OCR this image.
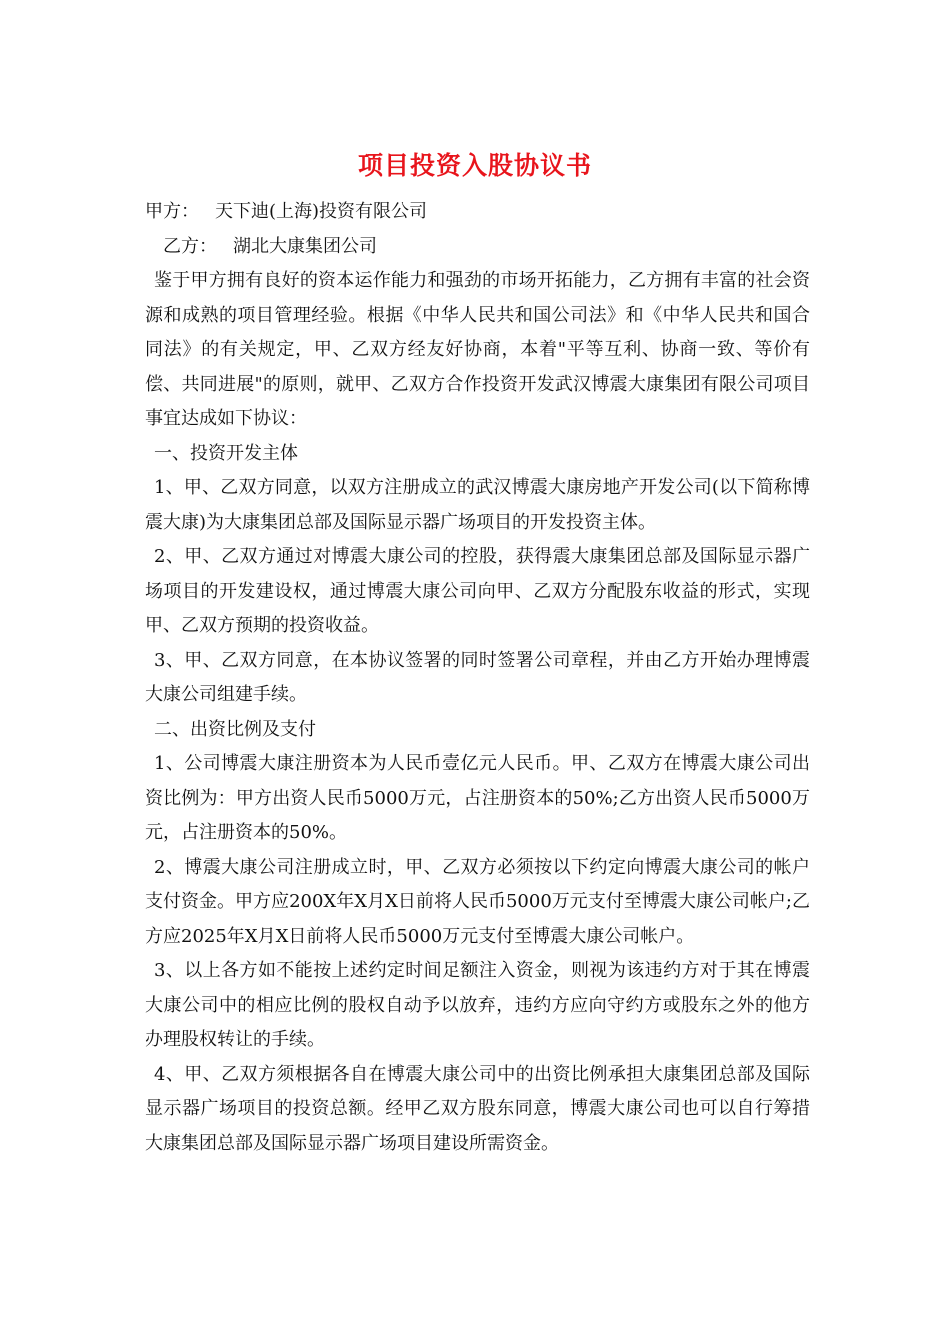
项目投资入股协议书

甲方： 天下迪(上海)投资有限公司

乙方： 湖北大康集团公司

鉴于甲方拥有良好的资本运作能力和强劲的市场开拓能力，乙方拥有丰富的社会资源和成熟的项目管理经验。根据《中华人民共和国公司法》和《中华人民共和国合同法》的有关规定，甲、乙双方经友好协商，本着"平等互利、协商一致、等价有偿、共同进展"的原则，就甲、乙双方合作投资开发武汉博震大康集团有限公司项目事宜达成如下协议：

一、投资开发主体

1、甲、乙双方同意，以双方注册成立的武汉博震大康房地产开发公司(以下简称博震大康)为大康集团总部及国际显示器广场项目的开发投资主体。

2、甲、乙双方通过对博震大康公司的控股，获得震大康集团总部及国际显示器广场项目的开发建设权，通过博震大康公司向甲、乙双方分配股东收益的形式，实现甲、乙双方预期的投资收益。

3、甲、乙双方同意，在本协议签署的同时签署公司章程，并由乙方开始办理博震大康公司组建手续。

二、出资比例及支付

1、公司博震大康注册资本为人民币壹亿元人民币。甲、乙双方在博震大康公司出资比例为：甲方出资人民币5000万元，占注册资本的50%;乙方出资人民币5000万元，占注册资本的50%。

2、博震大康公司注册成立时，甲、乙双方必须按以下约定向博震大康公司的帐户支付资金。甲方应200X年X月X日前将人民币5000万元支付至博震大康公司帐户;乙方应2025年X月X日前将人民币5000万元支付至博震大康公司帐户。

3、以上各方如不能按上述约定时间足额注入资金，则视为该违约方对于其在博震大康公司中的相应比例的股权自动予以放弃，违约方应向守约方或股东之外的他方办理股权转让的手续。

4、甲、乙双方须根据各自在博震大康公司中的出资比例承担大康集团总部及国际显示器广场项目的投资总额。经甲乙双方股东同意，博震大康公司也可以自行筹措大康集团总部及国际显示器广场项目建设所需资金。
